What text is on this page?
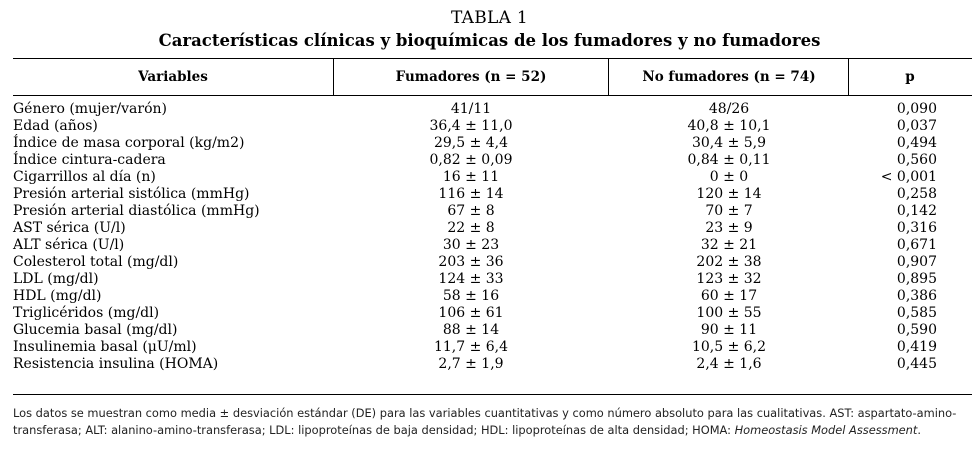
TABLA 1
Características clínicas y bioquímicas de los fumadores y no fumadores
Variables	Fumadores (n = 52)	No fumadores (n = 74)	p
Género (mujer/varón)	41/11	48/26	0,090
Edad (años)	36,4 ± 11,0	40,8 ± 10,1	0,037
Índice de masa corporal (kg/m2)	29,5 ± 4,4	30,4 ± 5,9	0,494
Índice cintura-cadera	0,82 ± 0,09	0,84 ± 0,11	0,560
Cigarrillos al día (n)	16 ± 11	0 ± 0	< 0,001
Presión arterial sistólica (mmHg)	116 ± 14	120 ± 14	0,258
Presión arterial diastólica (mmHg)	67 ± 8	70 ± 7	0,142
AST sérica (U/l)	22 ± 8	23 ± 9	0,316
ALT sérica (U/l)	30 ± 23	32 ± 21	0,671
Colesterol total (mg/dl)	203 ± 36	202 ± 38	0,907
LDL (mg/dl)	124 ± 33	123 ± 32	0,895
HDL (mg/dl)	58 ± 16	60 ± 17	0,386
Triglicéridos (mg/dl)	106 ± 61	100 ± 55	0,585
Glucemia basal (mg/dl)	88 ± 14	90 ± 11	0,590
Insulinemia basal (μU/ml)	11,7 ± 6,4	10,5 ± 6,2	0,419
Resistencia insulina (HOMA)	2,7 ± 1,9	2,4 ± 1,6	0,445
Los datos se muestran como media ± desviación estándar (DE) para las variables cuantitativas y como número absoluto para las cualitativas. AST: aspartato-amino-transferasa; ALT: alanino-amino-transferasa; LDL: lipoproteínas de baja densidad; HDL: lipoproteínas de alta densidad; HOMA: Homeostasis Model Assessment.
